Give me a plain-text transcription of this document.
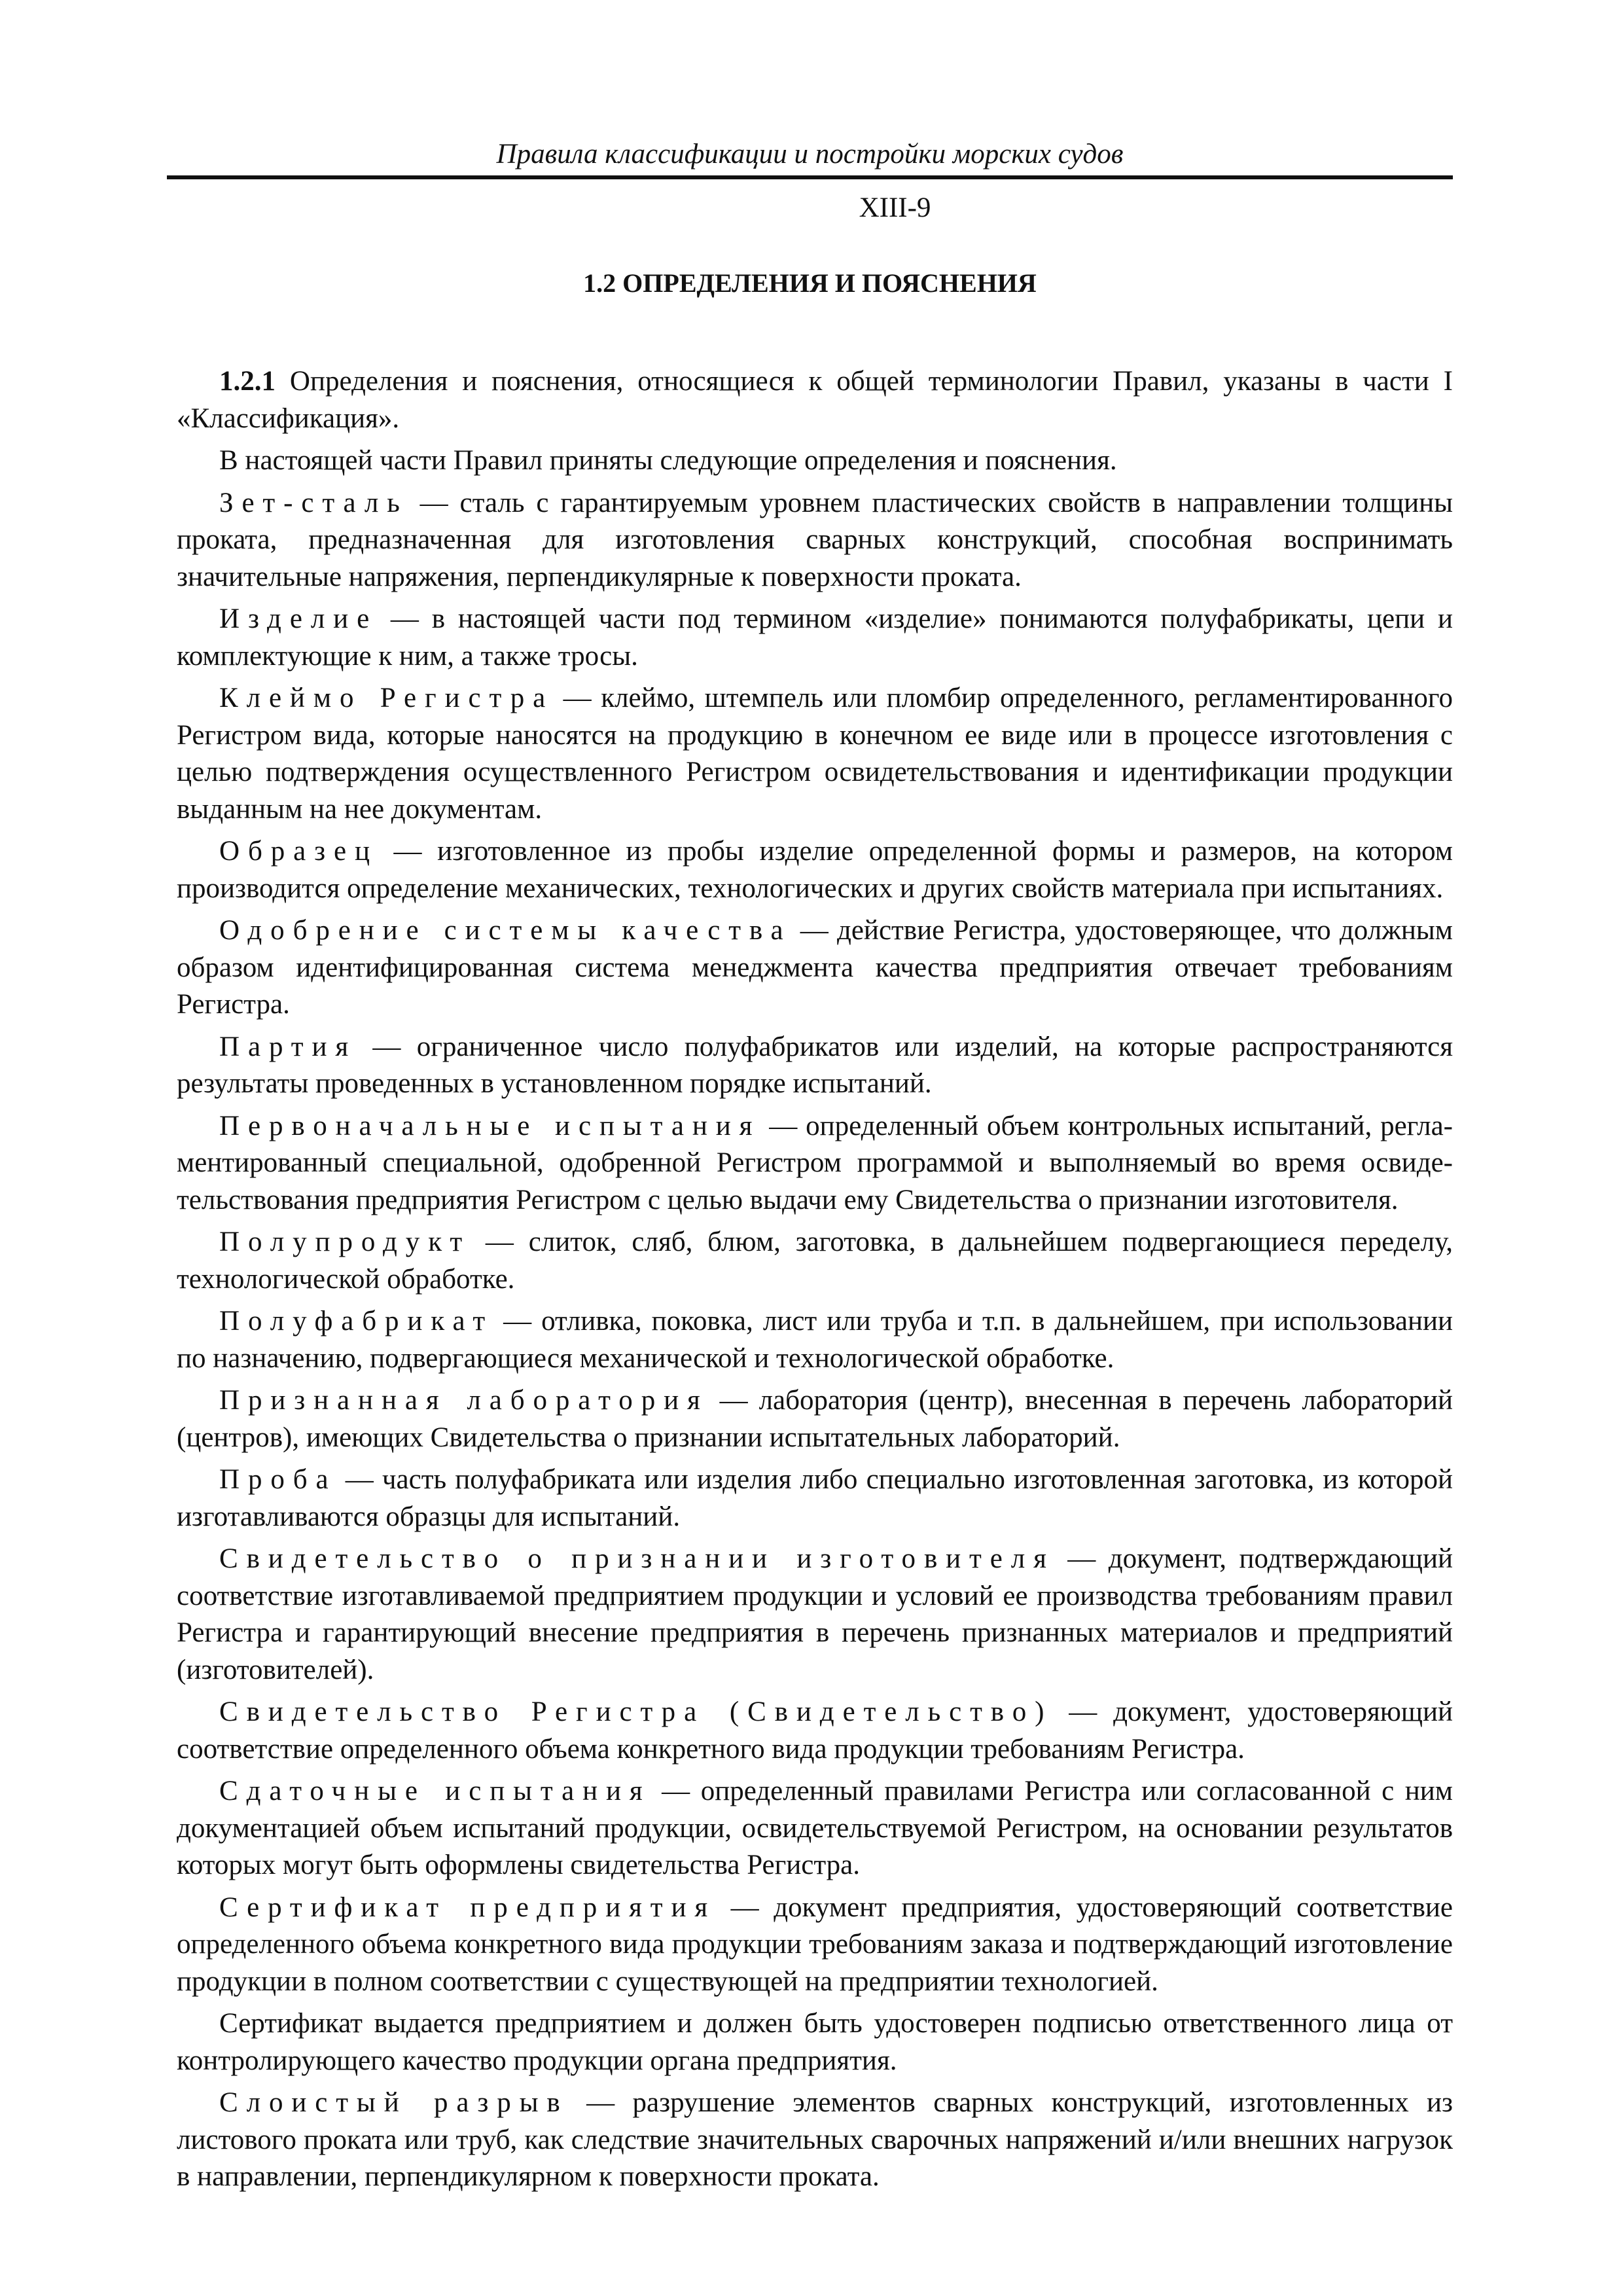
Правила классификации и постройки морских судов

XIII-9

1.2 ОПРЕДЕЛЕНИЯ И ПОЯСНЕНИЯ

1.2.1 Определения и пояснения, относящиеся к общей терминологии Правил, указаны в части I «Классификация».

В настоящей части Правил приняты следующие определения и пояснения.

Зет-сталь — сталь с гарантируемым уровнем пластических свойств в направлении толщины проката, предназначенная для изготовления сварных конструкций, способная воспринимать значительные напряжения, перпендикулярные к поверхности проката.

Изделие — в настоящей части под термином «изделие» понимаются полуфабрикаты, цепи и комплектующие к ним, а также тросы.

Клеймо Регистра — клеймо, штемпель или пломбир определенного, регламентированного Регистром вида, которые наносятся на продукцию в конечном ее виде или в процессе изготовления с целью подтверждения осуществленного Регистром освидетельствования и идентификации продукции выданным на нее документам.

Образец — изготовленное из пробы изделие определенной формы и размеров, на котором производится определение механических, технологических и других свойств материала при испытаниях.

Одобрение системы качества — действие Регистра, удостоверяющее, что должным образом идентифицированная система менеджмента качества предприятия отвечает требованиям Регистра.

Партия — ограниченное число полуфабрикатов или изделий, на которые распространяются результаты проведенных в установленном порядке испытаний.

Первоначальные испытания — определенный объем контрольных испытаний, регламентированный специальной, одобренной Регистром программой и выполняемый во время освидетельствования предприятия Регистром с целью выдачи ему Свидетельства о признании изготовителя.

Полупродукт — слиток, сляб, блюм, заготовка, в дальнейшем подвергающиеся переделу, технологической обработке.

Полуфабрикат — отливка, поковка, лист или труба и т.п. в дальнейшем, при использовании по назначению, подвергающиеся механической и технологической обработке.

Признанная лаборатория — лаборатория (центр), внесенная в перечень лабораторий (центров), имеющих Свидетельства о признании испытательных лабораторий.

Проба — часть полуфабриката или изделия либо специально изготовленная заготовка, из которой изготавливаются образцы для испытаний.

Свидетельство о признании изготовителя — документ, подтверждающий соответствие изготавливаемой предприятием продукции и условий ее производства требованиям правил Регистра и гарантирующий внесение предприятия в перечень признанных материалов и предприятий (изготовителей).

Свидетельство Регистра (Свидетельство) — документ, удостоверяющий соответствие определенного объема конкретного вида продукции требованиям Регистра.

Сдаточные испытания — определенный правилами Регистра или согласованной с ним документацией объем испытаний продукции, освидетельствуемой Регистром, на основании результатов которых могут быть оформлены свидетельства Регистра.

Сертификат предприятия — документ предприятия, удостоверяющий соответствие определенного объема конкретного вида продукции требованиям заказа и подтверждающий изготовление продукции в полном соответствии с существующей на предприятии технологией.

Сертификат выдается предприятием и должен быть удостоверен подписью ответственного лица от контролирующего качество продукции органа предприятия.

Слоистый разрыв — разрушение элементов сварных конструкций, изготовленных из листового проката или труб, как следствие значительных сварочных напряжений и/или внешних нагрузок в направлении, перпендикулярном к поверхности проката.
